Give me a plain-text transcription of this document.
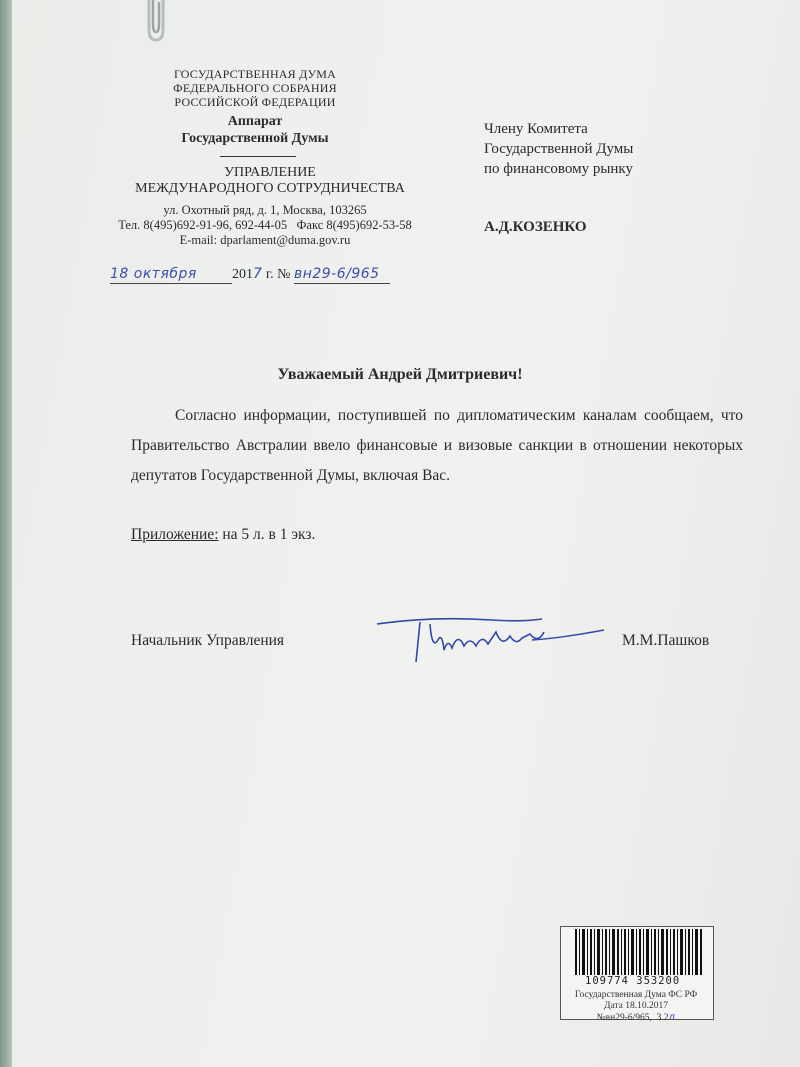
ГОСУДАРСТВЕННАЯ ДУМА
ФЕДЕРАЛЬНОГО СОБРАНИЯ
РОССИЙСКОЙ ФЕДЕРАЦИИ
Аппарат
Государственной Думы
УПРАВЛЕНИЕ
МЕЖДУНАРОДНОГО СОТРУДНИЧЕСТВА
ул. Охотный ряд, д. 1, Москва, 103265
Тел. 8(495)692-91-96, 692-44-05 Факс 8(495)692-53-58
E-mail: dparlament@duma.gov.ru
18 октября	2017 г. № вн29-6/965
Члену Комитета
Государственной Думы
по финансовому рынку
А.Д.КОЗЕНКО
Уважаемый Андрей Дмитриевич!
Согласно информации, поступившей по дипломатическим каналам сообщаем, что Правительство Австралии ввело финансовые и визовые санкции в отношении некоторых депутатов Государственной Думы, включая Вас.
Приложение: на 5 л. в 1 экз.
Начальник Управления	М.М.Пашков
109774 353200
Государственная Дума ФС РФ
Дата 18.10.2017
№вн29-6/965, 3.2л
